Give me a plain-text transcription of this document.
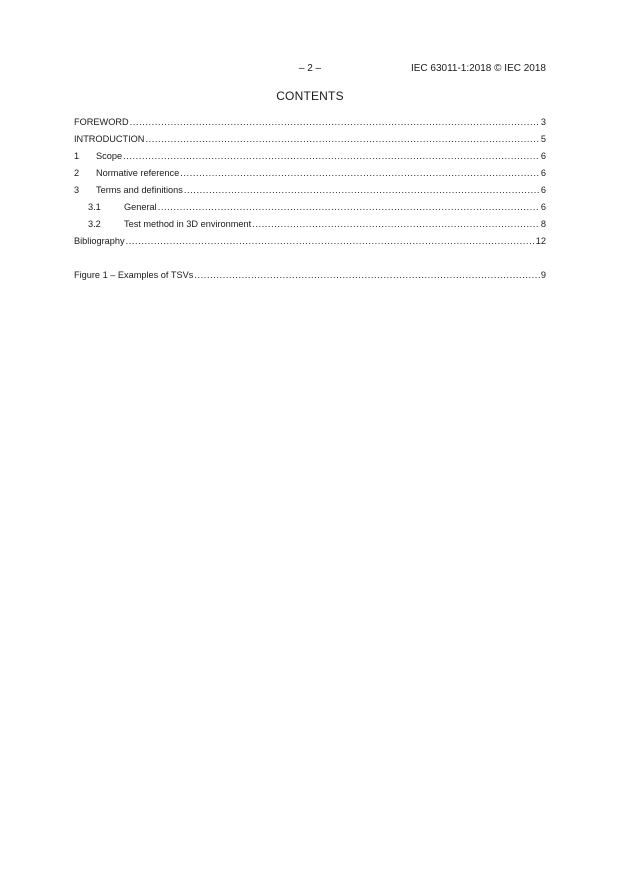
– 2 –	IEC 63011-1:2018 © IEC 2018
CONTENTS
FOREWORD .....	3
INTRODUCTION .....	5
1	Scope .....	6
2	Normative reference .....	6
3	Terms and definitions .....	6
3.1	General .....	6
3.2	Test method in 3D environment .....	8
Bibliography .....	12
Figure 1 – Examples of TSVs .....	9
